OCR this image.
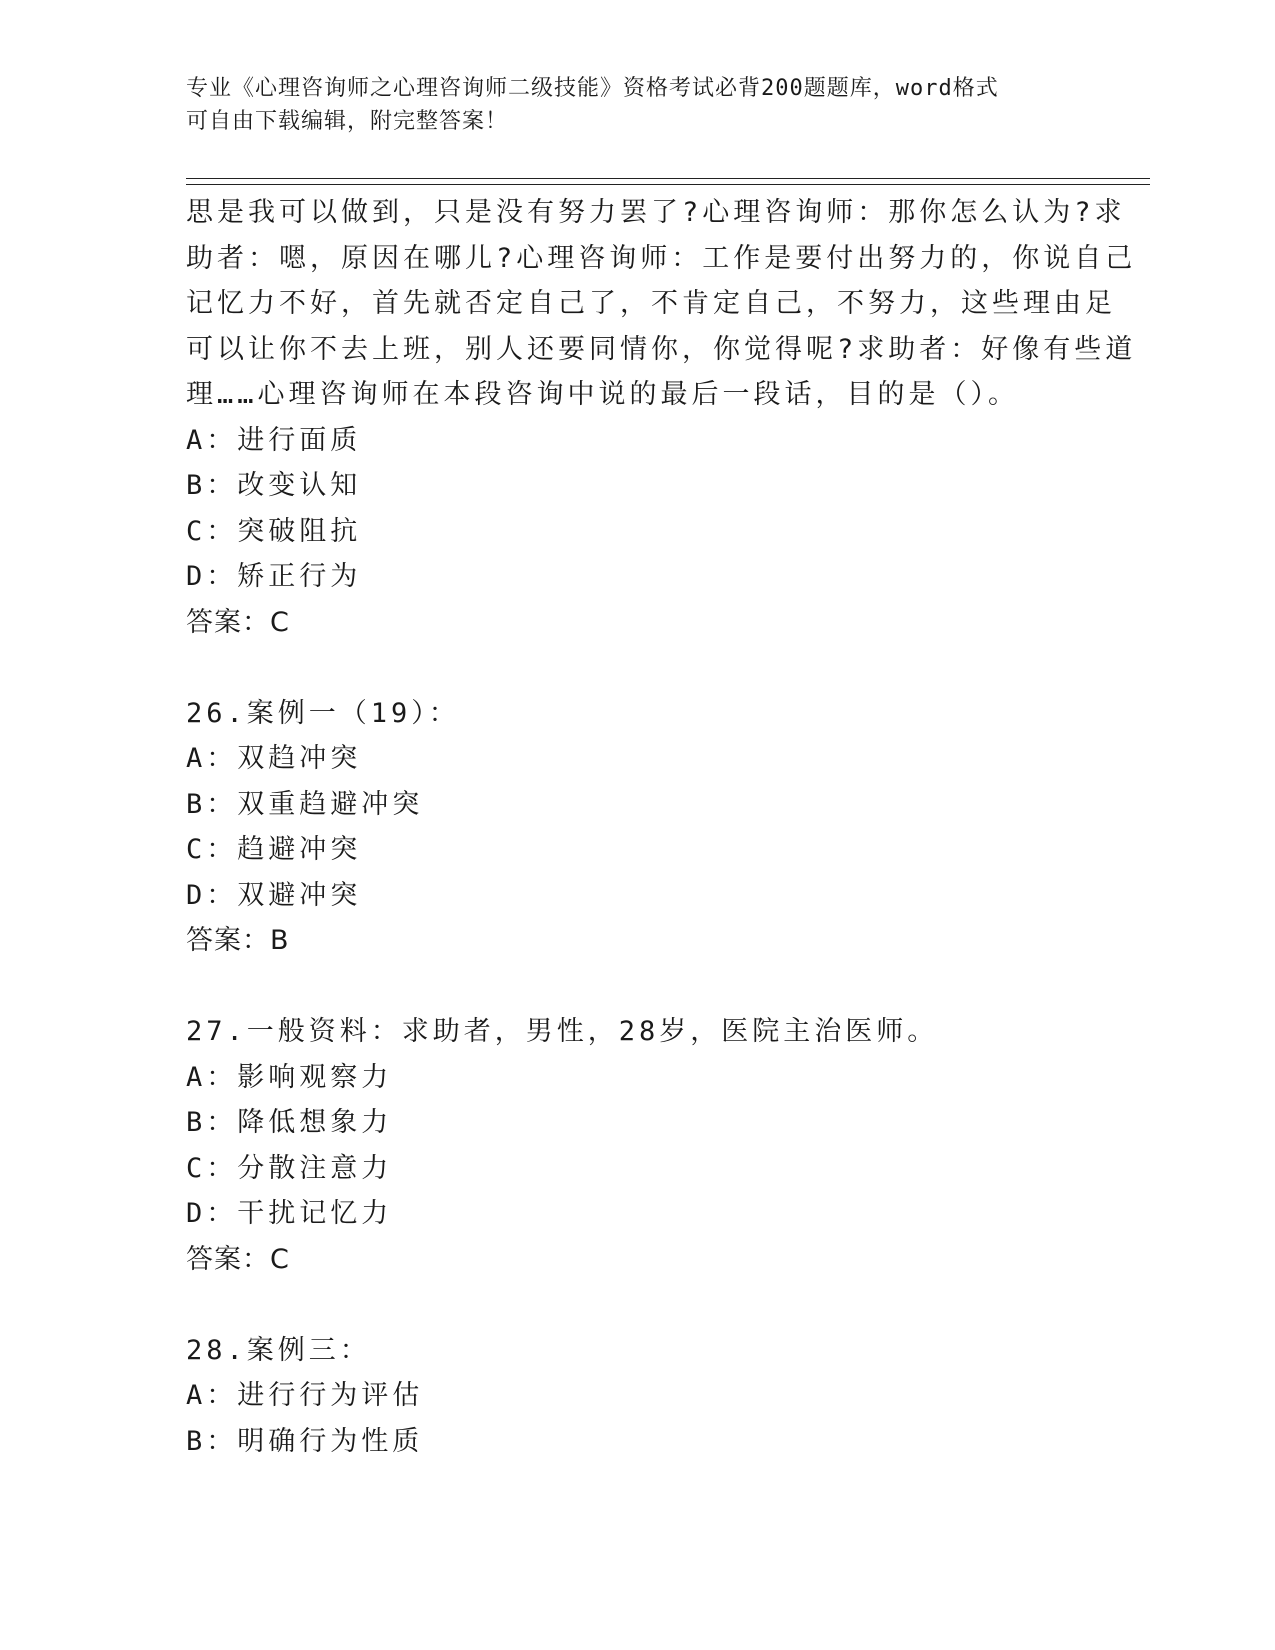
专业《心理咨询师之心理咨询师二级技能》资格考试必背200题题库，word格式
可自由下载编辑，附完整答案！
思是我可以做到，只是没有努力罢了?心理咨询师：那你怎么认为?求
助者：嗯，原因在哪儿?心理咨询师：工作是要付出努力的，你说自己
记忆力不好，首先就否定自己了，不肯定自己，不努力，这些理由足
可以让你不去上班，别人还要同情你，你觉得呢?求助者：好像有些道
理……心理咨询师在本段咨询中说的最后一段话，目的是（）。
A：进行面质
B：改变认知
C：突破阻抗
D：矫正行为
答案：C
26.案例一（19）：
A：双趋冲突
B：双重趋避冲突
C：趋避冲突
D：双避冲突
答案：B
27.一般资料：求助者，男性，28岁，医院主治医师。
A：影响观察力
B：降低想象力
C：分散注意力
D：干扰记忆力
答案：C
28.案例三：
A：进行行为评估
B：明确行为性质
